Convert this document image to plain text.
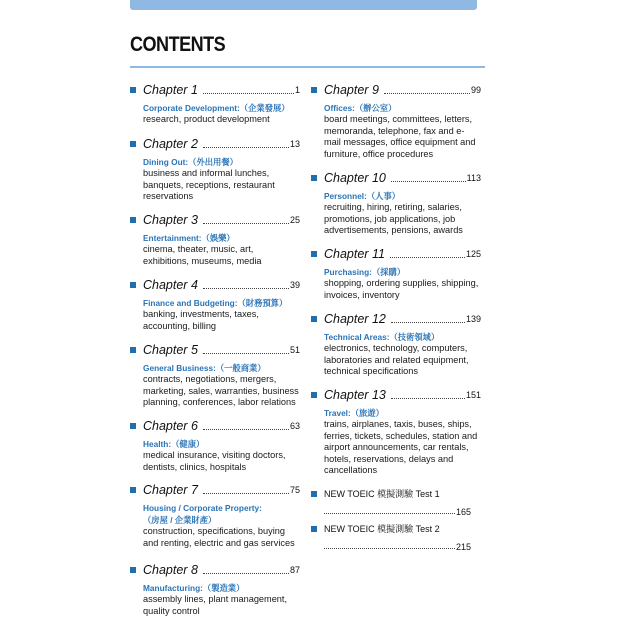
CONTENTS
Chapter 1	1
Corporate Development:（企業發展）
research, product development
Chapter 2	13
Dining Out:（外出用餐）
business and informal lunches, banquets, receptions, restaurant reservations
Chapter 3	25
Entertainment:（娛樂）
cinema, theater, music, art, exhibitions, museums, media
Chapter 4	39
Finance and Budgeting:（財務預算）
banking, investments, taxes, accounting, billing
Chapter 5	51
General Business:（一般商業）
contracts, negotiations, mergers, marketing, sales, warranties, business planning, conferences, labor relations
Chapter 6	63
Health:（健康）
medical insurance, visiting doctors, dentists, clinics, hospitals
Chapter 7	75
Housing / Corporate Property:
（房屋 / 企業財產）
construction, specifications, buying and renting, electric and gas services
Chapter 8	87
Manufacturing:（製造業）
assembly lines, plant management, quality control
Chapter 9	99
Offices:（辦公室）
board meetings, committees, letters, memoranda, telephone, fax and e-mail messages, office equipment and furniture, office procedures
Chapter 10	113
Personnel:（人事）
recruiting, hiring, retiring, salaries, promotions, job applications, job advertisements, pensions, awards
Chapter 11	125
Purchasing:（採購）
shopping, ordering supplies, shipping, invoices, inventory
Chapter 12	139
Technical Areas:（技術領域）
electronics, technology, computers, laboratories and related equipment, technical specifications
Chapter 13	151
Travel:（旅遊）
trains, airplanes, taxis, buses, ships, ferries, tickets, schedules, station and airport announcements, car rentals, hotels, reservations, delays and cancellations
NEW TOEIC 模擬測驗 Test 1
165
NEW TOEIC 模擬測驗 Test 2
215
